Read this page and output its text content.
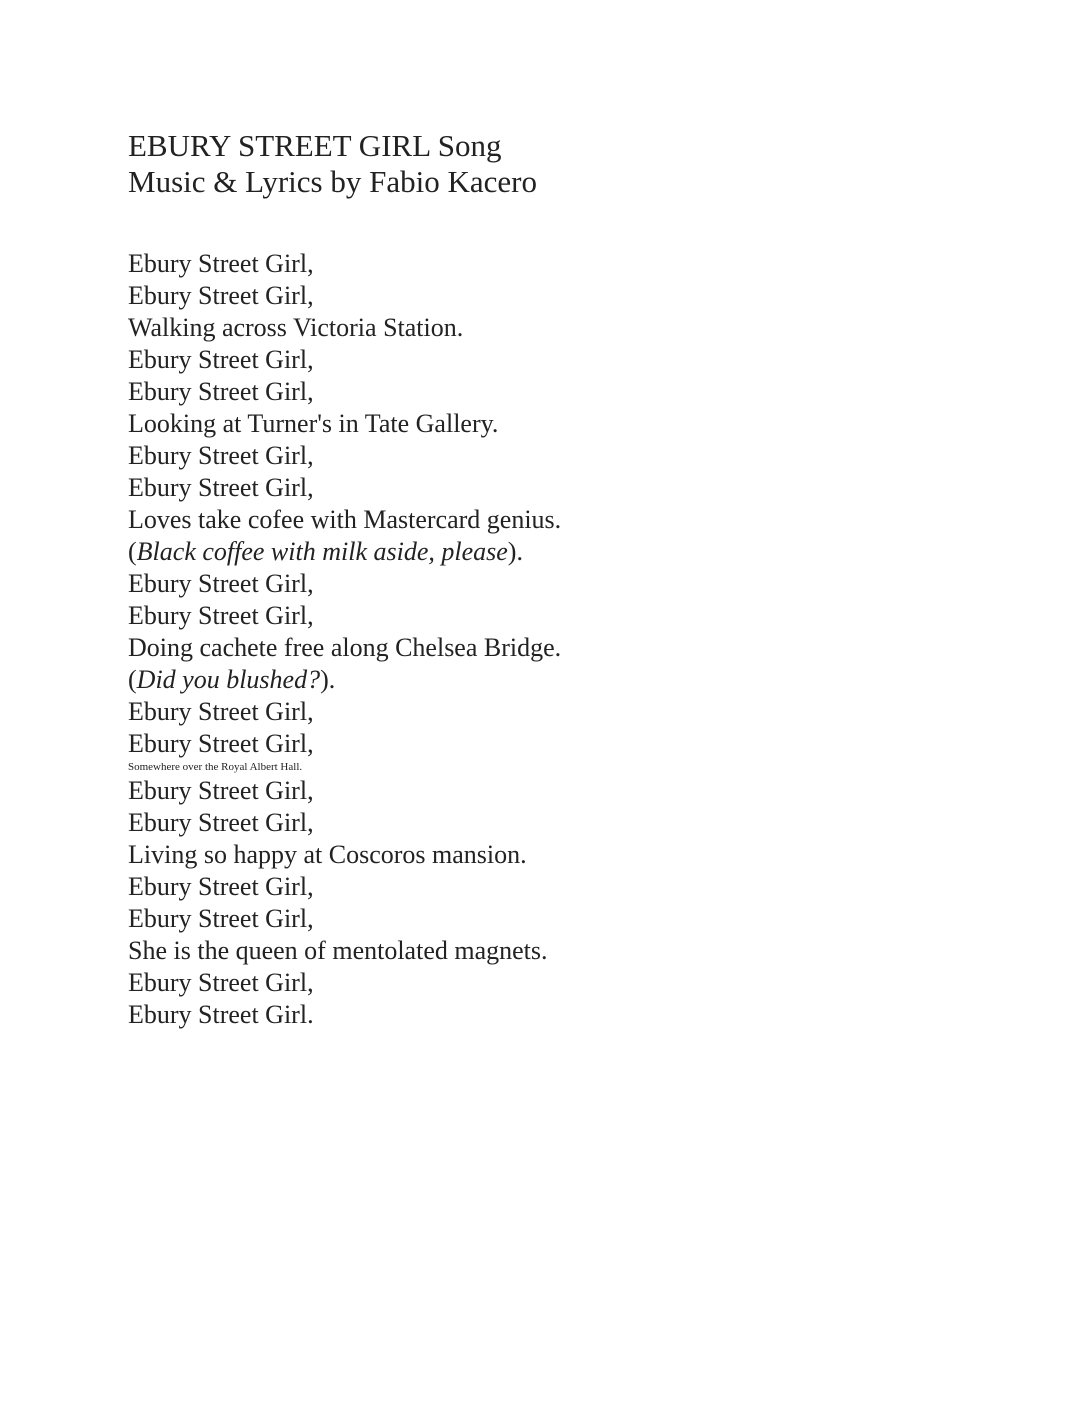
EBURY STREET GIRL Song
Music & Lyrics by Fabio Kacero
Ebury Street Girl,
Ebury Street Girl,
Walking across Victoria Station.
Ebury Street Girl,
Ebury Street Girl,
Looking at Turner's in Tate Gallery.
Ebury Street Girl,
Ebury Street Girl,
Loves take cofee with Mastercard genius.
(Black coffee with milk aside, please).
Ebury Street Girl,
Ebury Street Girl,
Doing cachete free along Chelsea Bridge.
(Did you blushed?).
Ebury Street Girl,
Ebury Street Girl,
Somewhere over the Royal Albert Hall.
Ebury Street Girl,
Ebury Street Girl,
Living so happy at Coscoros mansion.
Ebury Street Girl,
Ebury Street Girl,
She is the queen of mentolated magnets.
Ebury Street Girl,
Ebury Street Girl.
